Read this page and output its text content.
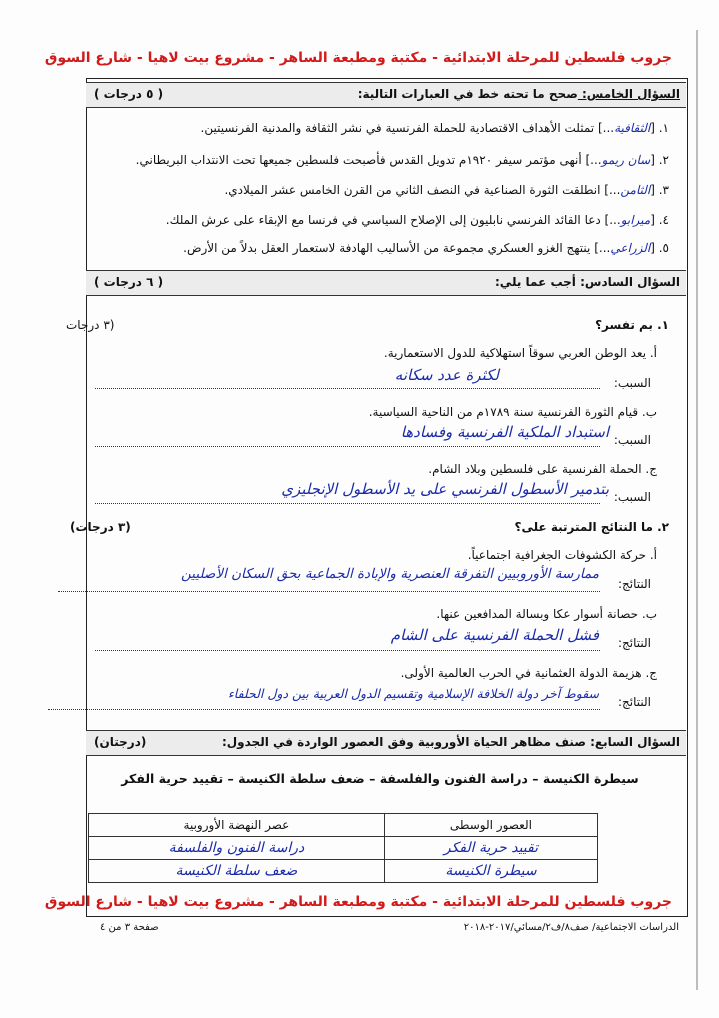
جروب فلسطين للمرحلة الابتدائية - مكتبة ومطبعة الساهر - مشروع بيت لاهيا - شارع السوق
السؤال الخامس: صحح ما تحته خط في العبارات التالية:
( ٥ درجات )
١. [الثقافية...] تمثلت الأهداف الاقتصادية للحملة الفرنسية في نشر الثقافة والمدنية الفرنسيتين.
٢. [سان ريمو...] أنهى مؤتمر سيفر ١٩٢٠م تدويل القدس فأصبحت فلسطين جميعها تحت الانتداب البريطاني.
٣. [الثامن...] انطلقت الثورة الصناعية في النصف الثاني من القرن الخامس عشر الميلادي.
٤. [ميرابو...] دعا القائد الفرنسي نابليون إلى الإصلاح السياسي في فرنسا مع الإبقاء على عرش الملك.
٥. [الزراعي...] ينتهج الغزو العسكري مجموعة من الأساليب الهادفة لاستعمار العقل بدلاً من الأرض.
السؤال السادس: أجب عما يلي:
( ٦ درجات )
١. بم تفسر؟
(٣ درجات
أ. يعد الوطن العربي سوقاً استهلاكية للدول الاستعمارية.
السبب:
لكثرة عدد سكانه
ب. قيام الثورة الفرنسية سنة ١٧٨٩م من الناحية السياسية.
السبب:
استبداد الملكية الفرنسية وفسادها
ج. الحملة الفرنسية على فلسطين وبلاد الشام.
السبب:
بتدمير الأسطول الفرنسي على يد الأسطول الإنجليزي
٢. ما النتائج المترتبة على؟
(٣ درجات)
أ. حركة الكشوفات الجغرافية اجتماعياً.
النتائج:
ممارسة الأوروبيين التفرقة العنصرية والإبادة الجماعية بحق السكان الأصليين
ب. حصانة أسوار عكا وبسالة المدافعين عنها.
النتائج:
فشل الحملة الفرنسية على الشام
ج. هزيمة الدولة العثمانية في الحرب العالمية الأولى.
النتائج:
سقوط آخر دولة الخلافة الإسلامية وتقسيم الدول العربية بين دول الحلفاء
السؤال السابع: صنف مظاهر الحياة الأوروبية وفق العصور الواردة في الجدول:
(درجتان)
سيطرة الكنيسة – دراسة الفنون والفلسفة – ضعف سلطة الكنيسة – تقييد حرية الفكر
العصور الوسطى	عصر النهضة الأوروبية
تقييد حرية الفكر	دراسة الفنون والفلسفة
سيطرة الكنيسة	ضعف سلطة الكنيسة
جروب فلسطين للمرحلة الابتدائية - مكتبة ومطبعة الساهر - مشروع بيت لاهيا - شارع السوق
صفحة ٣ من ٤	الدراسات الاجتماعية/ صف٨/ف٢/مسائي/٢٠١٧-٢٠١٨
